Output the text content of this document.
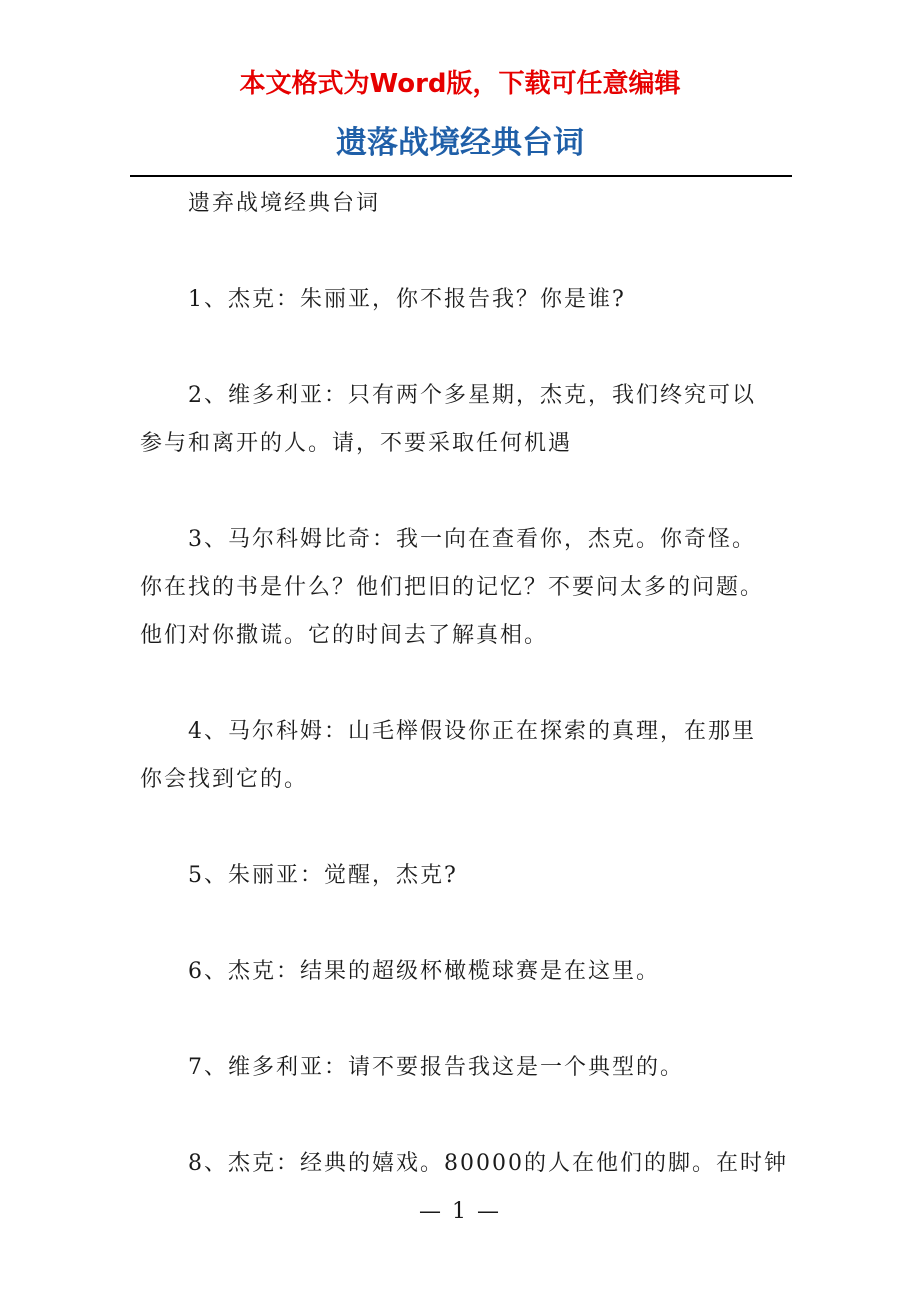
本文格式为Word版，下载可任意编辑
遗落战境经典台词

遗弃战境经典台词

1、杰克：朱丽亚，你不报告我？你是谁?

2、维多利亚：只有两个多星期，杰克，我们终究可以
参与和离开的人。请，不要采取任何机遇

3、马尔科姆比奇：我一向在查看你，杰克。你奇怪。
你在找的书是什么？他们把旧的记忆？不要问太多的问题。
他们对你撒谎。它的时间去了解真相。

4、马尔科姆：山毛榉假设你正在探索的真理，在那里
你会找到它的。

5、朱丽亚：觉醒，杰克?

6、杰克：结果的超级杯橄榄球赛是在这里。

7、维多利亚：请不要报告我这是一个典型的。

8、杰克：经典的嬉戏。80000的人在他们的脚。在时钟

— 1 —
